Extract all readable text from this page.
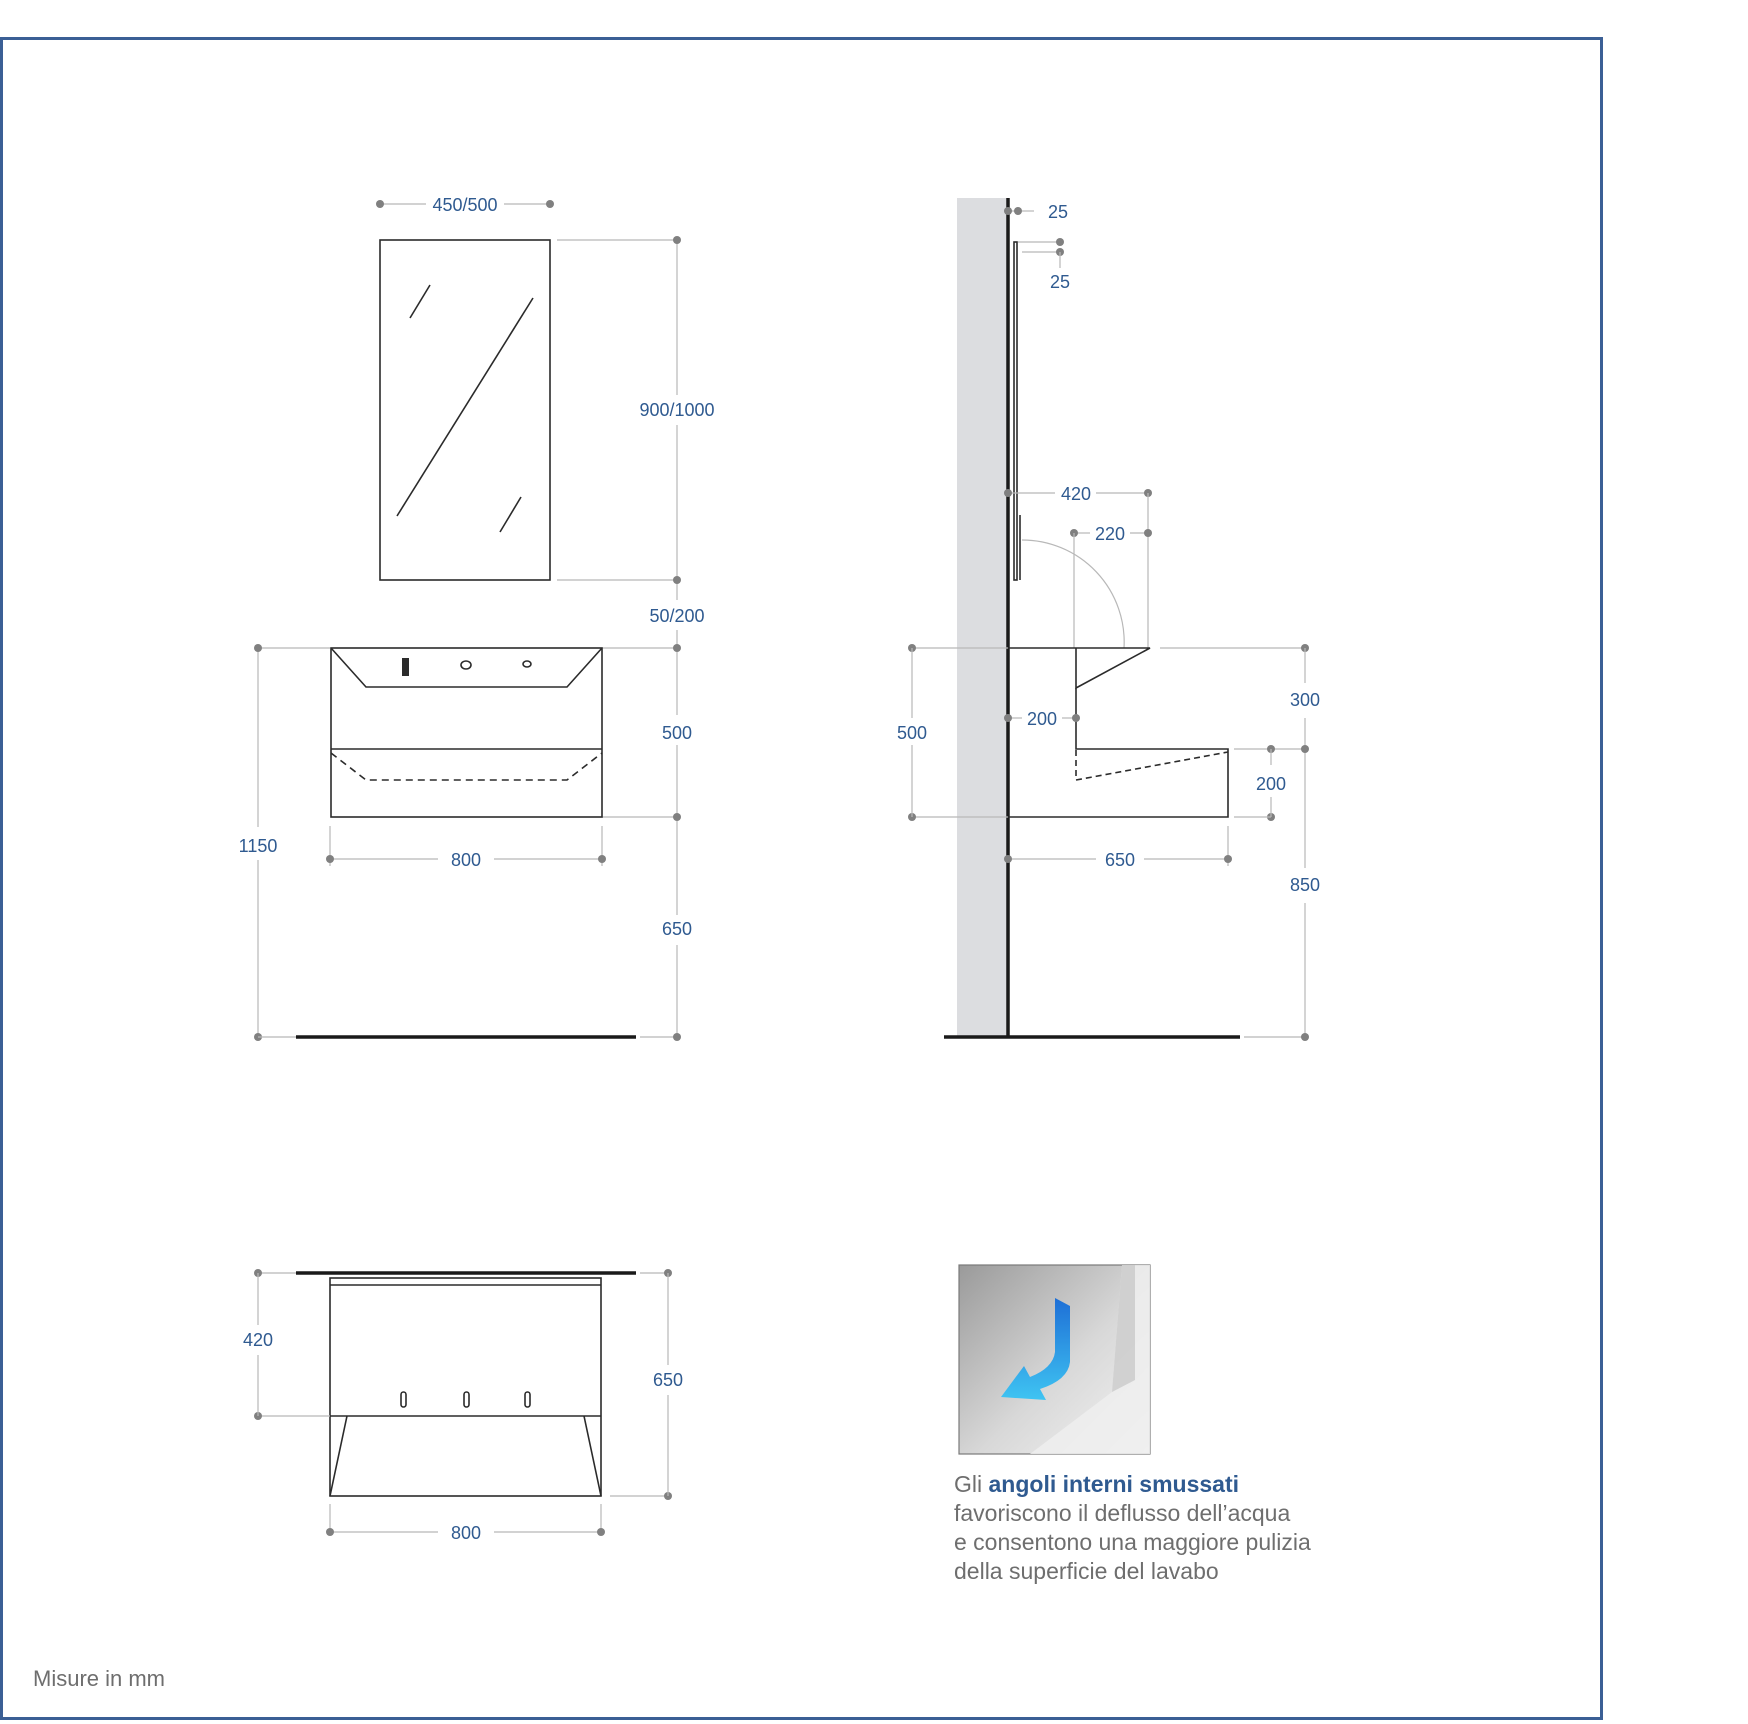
450/500
900/1000
50/200
500
1150
800
650
25
25
420
220
500
200
300
850
200
650
420
650
800
Gli angoli interni smussati
favoriscono il deflusso dell’acqua
e consentono una maggiore pulizia
della superficie del lavabo
Misure in mm
